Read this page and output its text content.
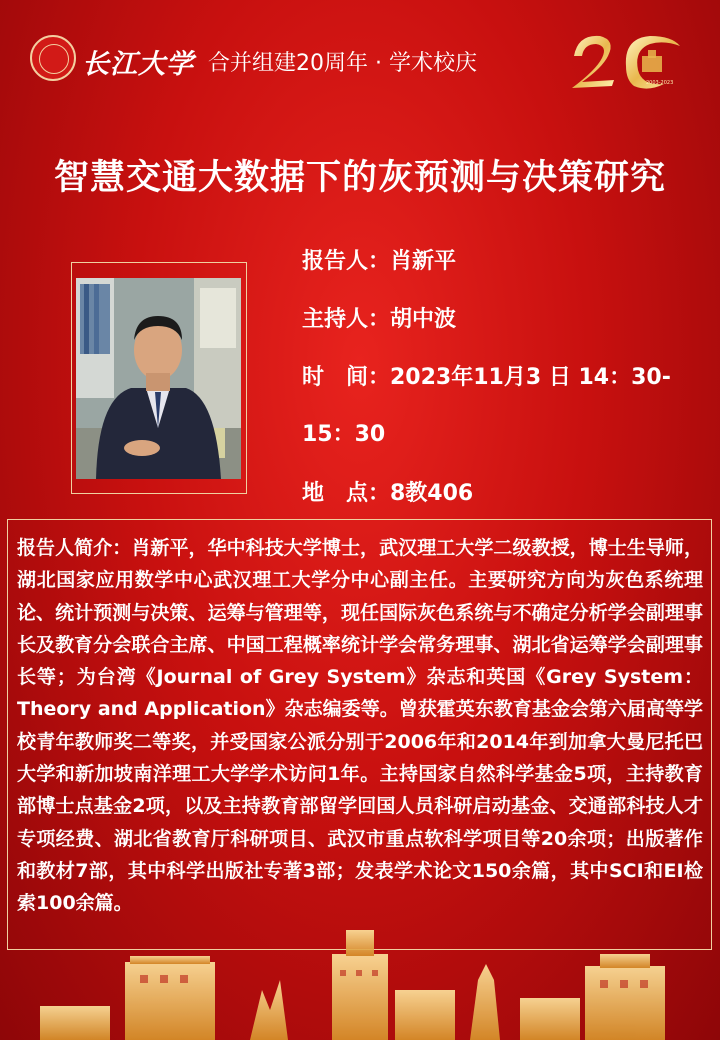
长江大学 合并组建20周年 · 学术校庆
2003-2023
智慧交通大数据下的灰预测与决策研究
报告人：肖新平
主持人：胡中波
时　间：2023年11月3 日 14：30-
15：30
地　点：8教406

报告人简介：肖新平，华中科技大学博士，武汉理工大学二级教授，博士生导师，湖北国家应用数学中心武汉理工大学分中心副主任。主要研究方向为灰色系统理论、统计预测与决策、运筹与管理等，现任国际灰色系统与不确定分析学会副理事长及教育分会联合主席、中国工程概率统计学会常务理事、湖北省运筹学会副理事长等；为台湾《Journal of Grey System》杂志和英国《Grey System：Theory and Application》杂志编委等。曾获霍英东教育基金会第六届高等学校青年教师奖二等奖，并受国家公派分别于2006年和2014年到加拿大曼尼托巴大学和新加坡南洋理工大学学术访问1年。主持国家自然科学基金5项，主持教育部博士点基金2项，以及主持教育部留学回国人员科研启动基金、交通部科技人才专项经费、湖北省教育厅科研项目、武汉市重点软科学项目等20余项；出版著作和教材7部，其中科学出版社专著3部；发表学术论文150余篇，其中SCI和EI检索100余篇。
